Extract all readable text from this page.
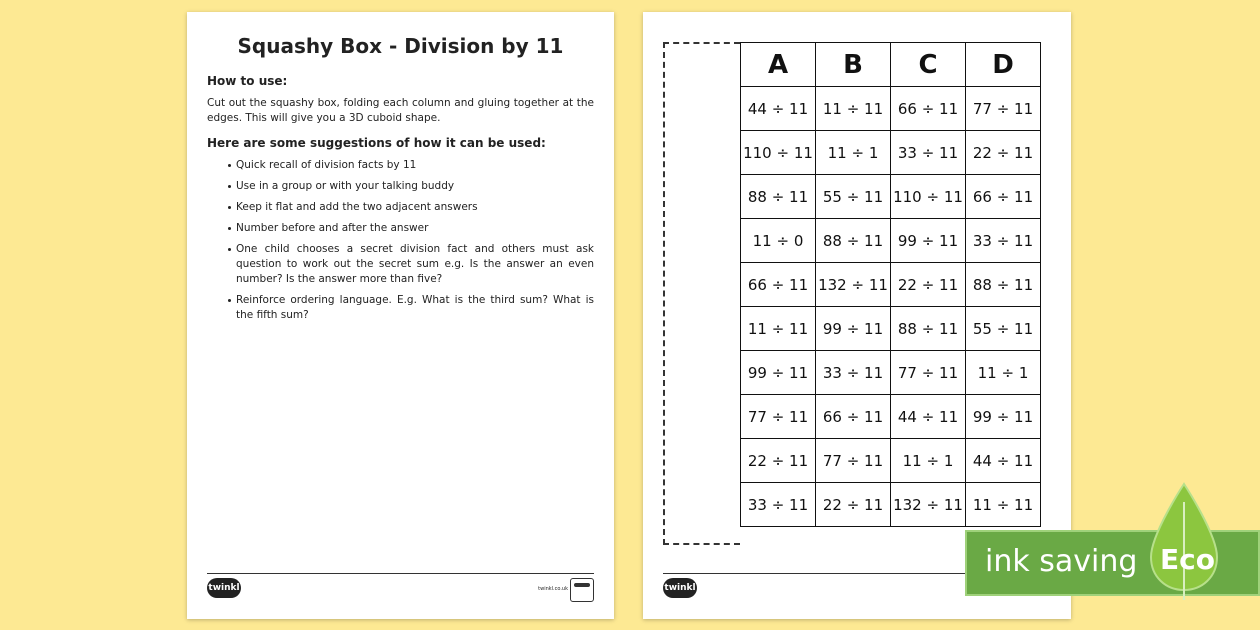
Squashy Box - Division by 11
How to use:

Cut out the squashy box, folding each column and gluing together at the edges. This will give you a 3D cuboid shape.

Here are some suggestions of how it can be used:
Quick recall of division facts by 11
Use in a group or with your talking buddy
Keep it flat and add the two adjacent answers
Number before and after the answer
One child chooses a secret division fact and others must ask question to work out the secret sum e.g. Is the answer an even number? Is the answer more than five?
Reinforce ordering language. E.g. What is the third sum? What is the fifth sum?
twinkl	twinkl.co.uk
A	B	C	D
44 ÷ 11	11 ÷ 11	66 ÷ 11	77 ÷ 11
110 ÷ 11	11 ÷ 1	33 ÷ 11	22 ÷ 11
88 ÷ 11	55 ÷ 11	110 ÷ 11	66 ÷ 11
11 ÷ 0	88 ÷ 11	99 ÷ 11	33 ÷ 11
66 ÷ 11	132 ÷ 11	22 ÷ 11	88 ÷ 11
11 ÷ 11	99 ÷ 11	88 ÷ 11	55 ÷ 11
99 ÷ 11	33 ÷ 11	77 ÷ 11	11 ÷ 1
77 ÷ 11	66 ÷ 11	44 ÷ 11	99 ÷ 11
22 ÷ 11	77 ÷ 11	11 ÷ 1	44 ÷ 11
33 ÷ 11	22 ÷ 11	132 ÷ 11	11 ÷ 11
twinkl
ink saving Eco
